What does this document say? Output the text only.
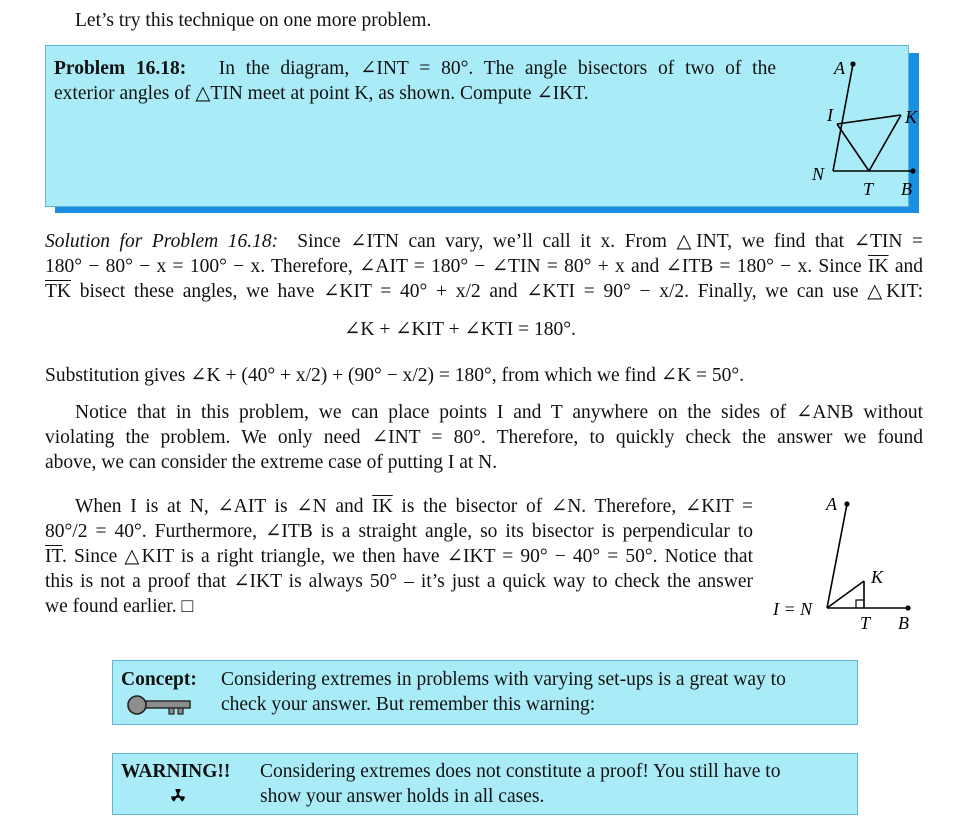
Let’s try this technique on one more problem.
Problem 16.18: In the diagram, ∠INT = 80°. The angle bisectors of two of the
exterior angles of △TIN meet at point K, as shown. Compute ∠IKT.
A
I	K
N
T B
Solution for Problem 16.18: Since ∠ITN can vary, we’ll call it x. From △INT, we find that ∠TIN =
180° − 80° − x = 100° − x. Therefore, ∠AIT = 180° − ∠TIN = 80° + x and ∠ITB = 180° − x. Since $\overline{IK}$ and
$\overline{TK}$ bisect these angles, we have ∠KIT = 40° + x/2 and ∠KTI = 90° − x/2. Finally, we can use △KIT:
∠K + ∠KIT + ∠KTI = 180°.
Substitution gives ∠K + (40° + x/2) + (90° − x/2) = 180°, from which we find ∠K = 50°.
Notice that in this problem, we can place points I and T anywhere on the sides of ∠ANB without
violating the problem. We only need ∠INT = 80°. Therefore, to quickly check the answer we found
above, we can consider the extreme case of putting I at N.
When I is at N, ∠AIT is ∠N and $\overline{IK}$ is the bisector of ∠N. Therefore, ∠KIT =
80°/2 = 40°. Furthermore, ∠ITB is a straight angle, so its bisector is perpendicular to
$\overline{IT}$. Since △KIT is a right triangle, we then have ∠IKT = 90° − 40° = 50°. Notice that
this is not a proof that ∠IKT is always 50° – it’s just a quick way to check the answer
we found earlier. □
A
K
I = N
T B
Concept: Considering extremes in problems with varying set-ups is a great way to
check your answer. But remember this warning:
WARNING!! Considering extremes does not constitute a proof! You still have to
show your answer holds in all cases.
